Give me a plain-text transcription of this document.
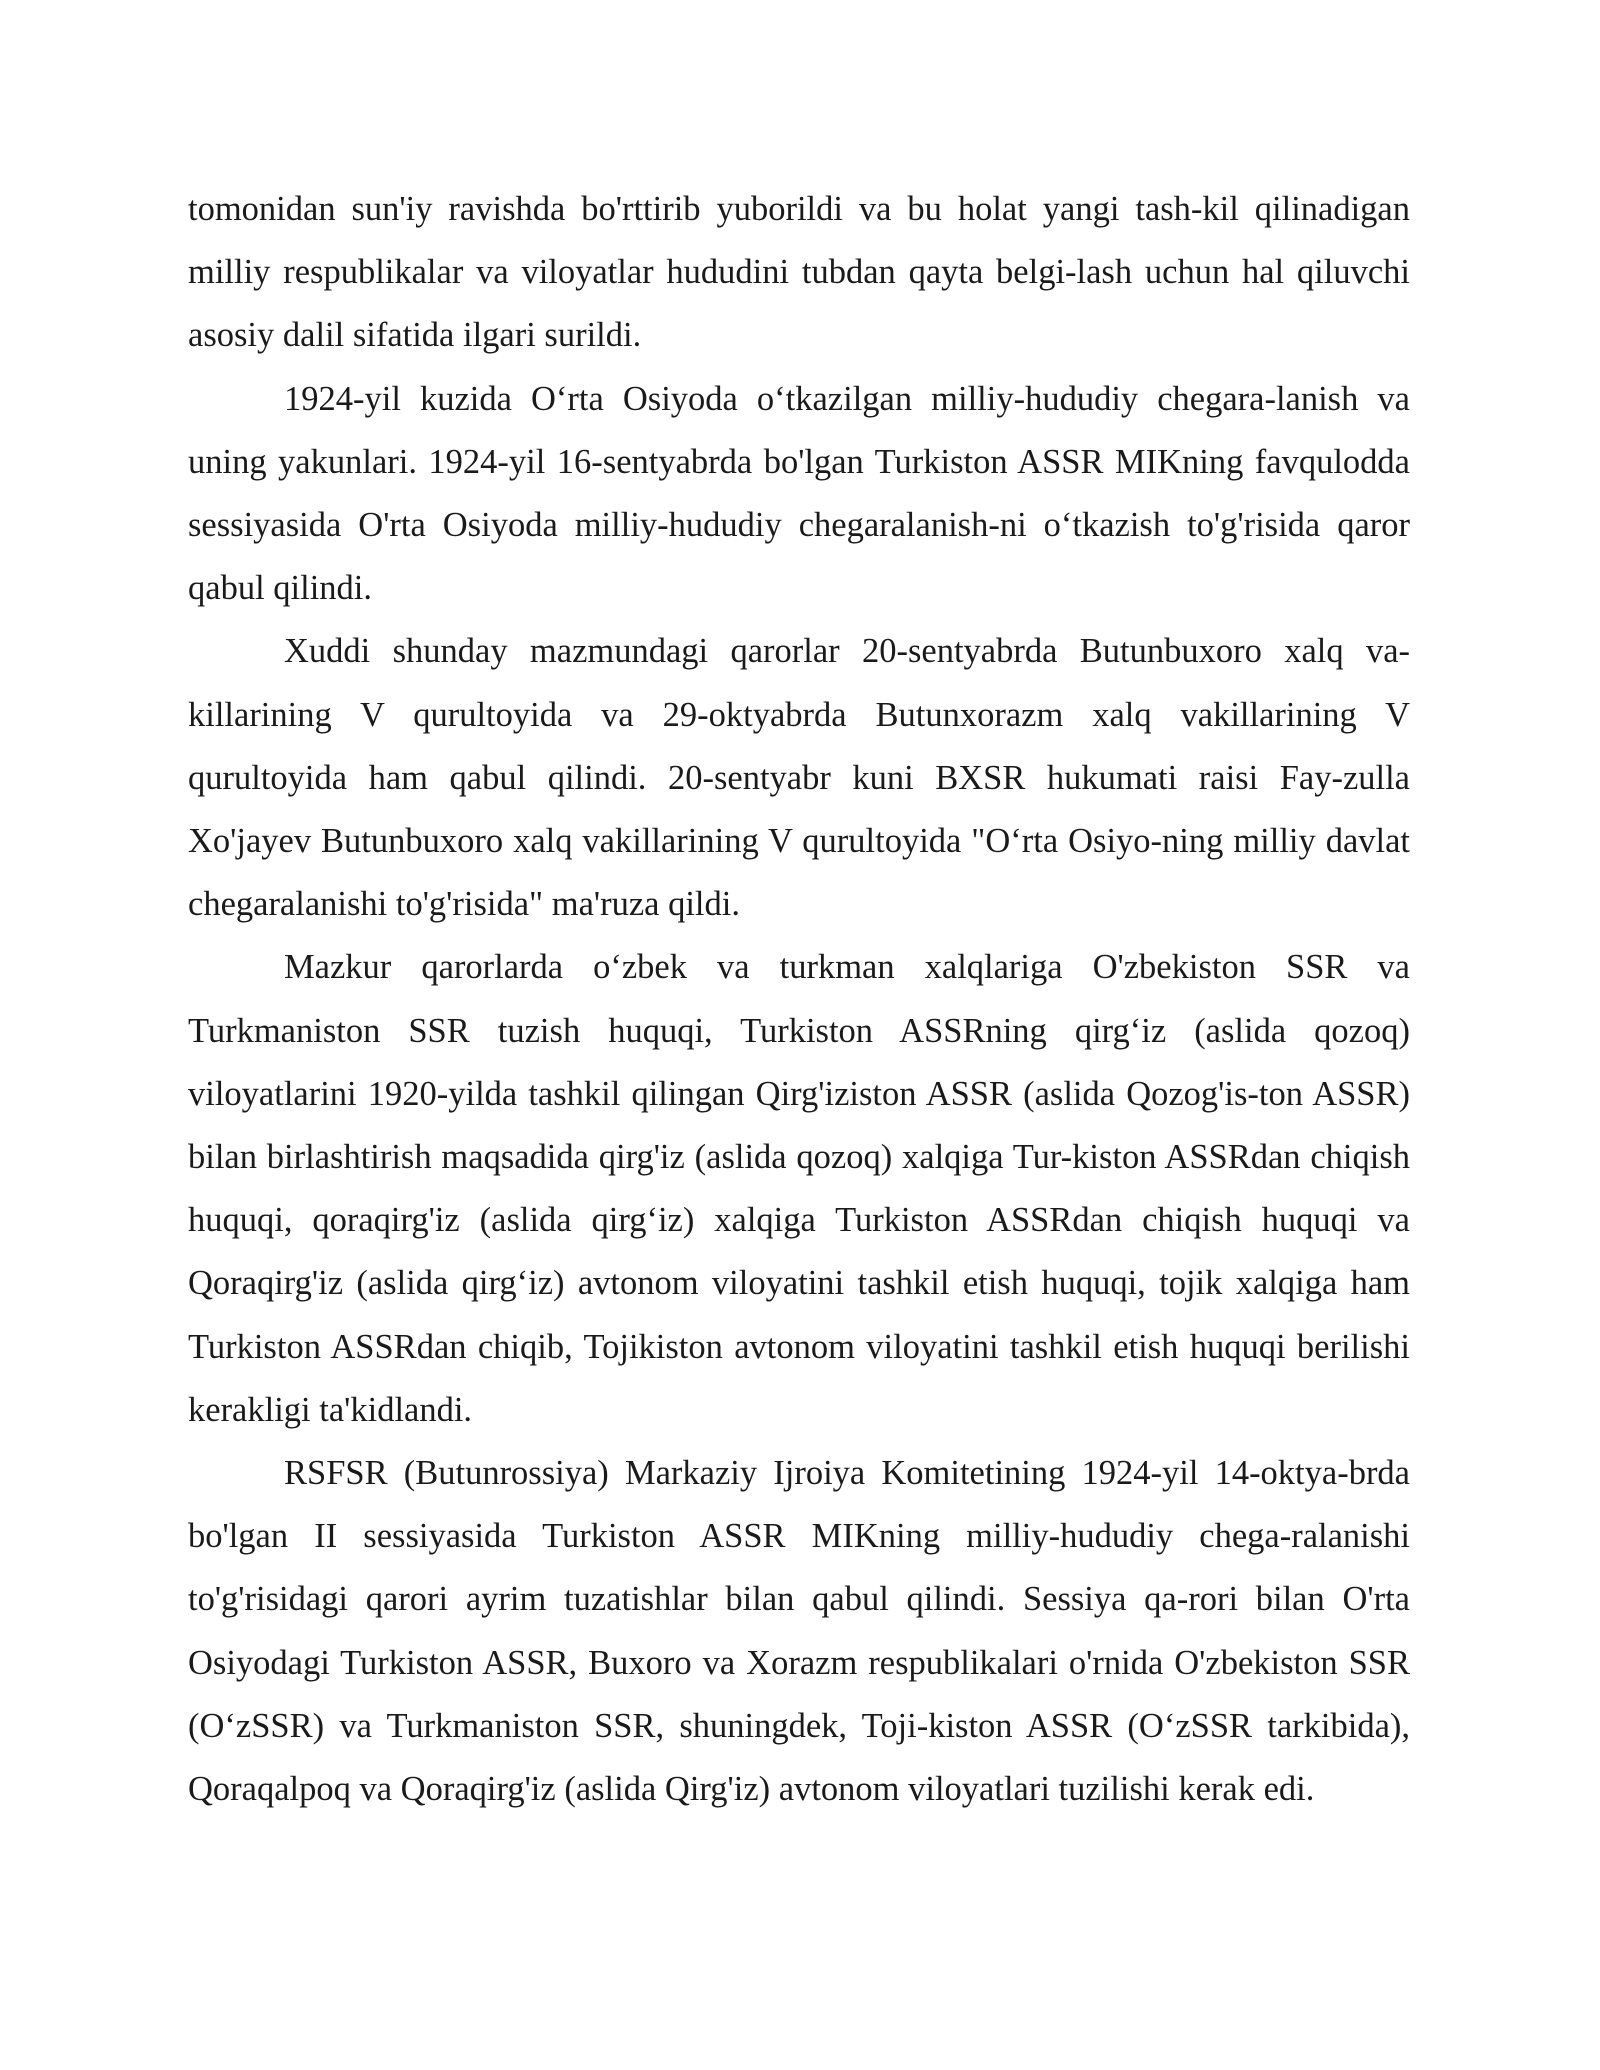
tomonidan sun'iy ravishda bo'rttirib yuborildi va bu holat yangi tash-kil qilinadigan milliy respublikalar va viloyatlar hududini tubdan qayta belgi-lash uchun hal qiluvchi asosiy dalil sifatida ilgari surildi.

1924-yil kuzida O‘rta Osiyoda o‘tkazilgan milliy-hududiy chegara-lanish va uning yakunlari. 1924-yil 16-sentyabrda bo'lgan Turkiston ASSR MIKning favqulodda sessiyasida O'rta Osiyoda milliy-hududiy chegaralanish-ni o‘tkazish to'g'risida qaror qabul qilindi.

Xuddi shunday mazmundagi qarorlar 20-sentyabrda Butunbuxoro xalq va-killarining V qurultoyida va 29-oktyabrda Butunxorazm xalq vakillarining V qurultoyida ham qabul qilindi. 20-sentyabr kuni BXSR hukumati raisi Fay-zulla Xo'jayev Butunbuxoro xalq vakillarining V qurultoyida "O‘rta Osiyo-ning milliy davlat chegaralanishi to'g'risida" ma'ruza qildi.

Mazkur qarorlarda o‘zbek va turkman xalqlariga O'zbekiston SSR va Turkmaniston SSR tuzish huquqi, Turkiston ASSRning qirg‘iz (aslida qozoq) viloyatlarini 1920-yilda tashkil qilingan Qirg'iziston ASSR (aslida Qozog'is-ton ASSR) bilan birlashtirish maqsadida qirg'iz (aslida qozoq) xalqiga Tur-kiston ASSRdan chiqish huquqi, qoraqirg'iz (aslida qirg‘iz) xalqiga Turkiston ASSRdan chiqish huquqi va Qoraqirg'iz (aslida qirg‘iz) avtonom viloyatini tashkil etish huquqi, tojik xalqiga ham Turkiston ASSRdan chiqib, Tojikiston avtonom viloyatini tashkil etish huquqi berilishi kerakligi ta'kidlandi.

RSFSR (Butunrossiya) Markaziy Ijroiya Komitetining 1924-yil 14-oktya-brda bo'lgan II sessiyasida Turkiston ASSR MIKning milliy-hududiy chega-ralanishi to'g'risidagi qarori ayrim tuzatishlar bilan qabul qilindi. Sessiya qa-rori bilan O'rta Osiyodagi Turkiston ASSR, Buxoro va Xorazm respublikalari o'rnida O'zbekiston SSR (O‘zSSR) va Turkmaniston SSR, shuningdek, Toji-kiston ASSR (O‘zSSR tarkibida), Qoraqalpoq va Qoraqirg'iz (aslida Qirg'iz) avtonom viloyatlari tuzilishi kerak edi.
